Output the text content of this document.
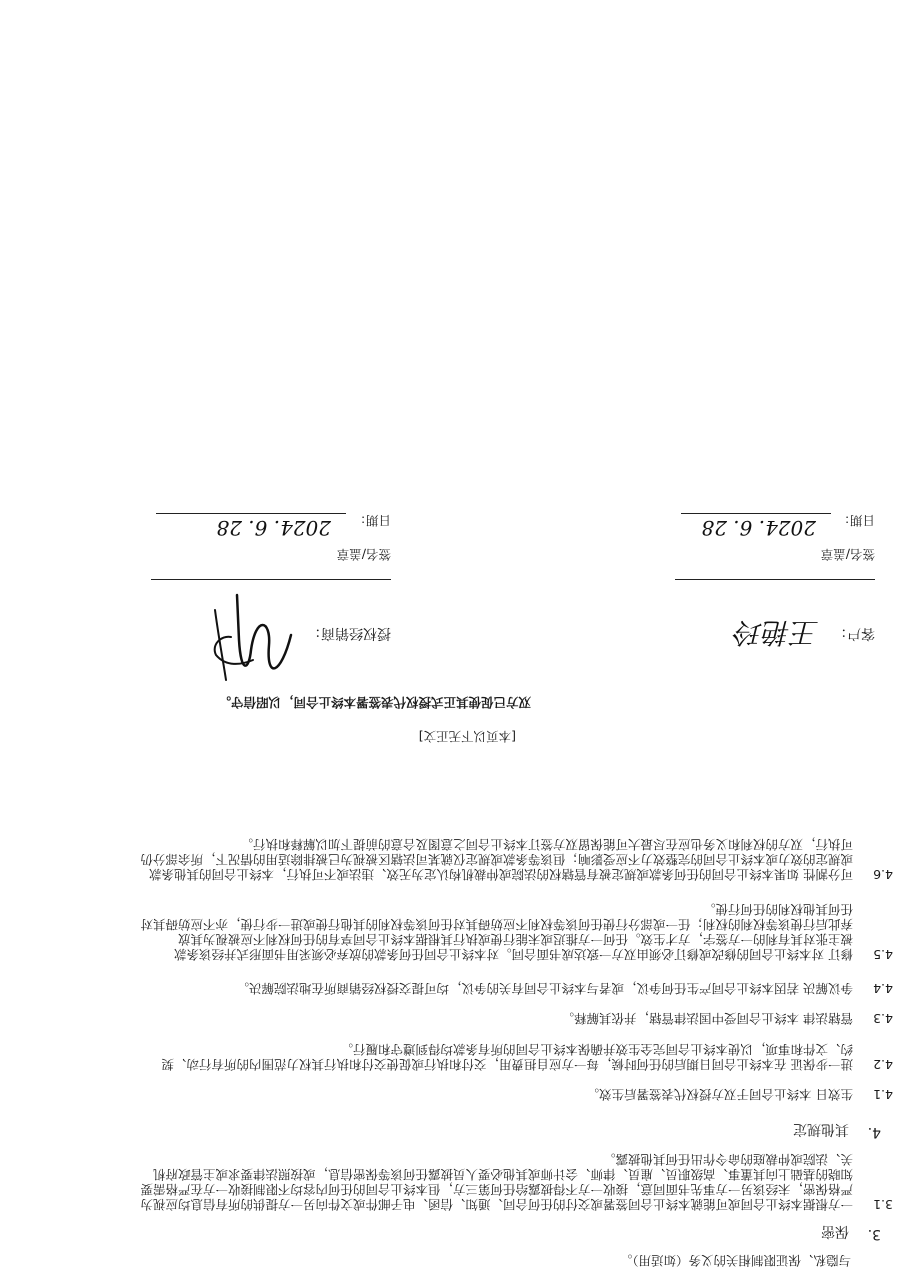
与隐私、保证限制相关的义务（如适用）。
3.
保密
3.1
一方根据本终止合同或可能就本终止合同签署或交付的任何合同、通知、信函、电子邮件或文件向另一方提供的所有信息均应视为
严格保密，未经该另一方事先书面同意，接收一方不得披露给任何第三方，但本终止合同的任何内容均不限制接收一方在严格需要
知晓的基础上向其董事、高级职员、雇员、律师、会计师或其他必要人员披露任何该等保密信息，或按照法律要求或主管政府机
关、法院或仲裁庭的命令作出任何其他披露。
4.
其他规定
4.1
生效日 本终止合同于双方授权代表签署后生效。
4.2
进一步保证 在本终止合同日期后的任何时候，每一方应自担费用，交付和执行或促使交付和执行其权力范围内的所有行动、契
约、文件和事项，以使本终止合同完全生效并确保本终止合同的所有条款均得到遵守和履行。
4.3
管辖法律 本终止合同受中国法律管辖，并依其解释。
4.4
争议解决 若因本终止合同产生任何争议，或者与本终止合同有关的争议，均可提交授权经销商所在地法院解决。
4.5
修订 对本终止合同的修改或修订必须由双方一致达成书面合同。对本终止合同任何条款的放弃必须采用书面形式并经该条款
被主张对其有利的一方签字，方才生效。任何一方推迟或未能行使或执行其根据本终止合同享有的任何权利不应被视为其放
弃此后行使该等权利的权利；任一或部分行使任何该等权利不应妨碍其对任何该等权利的其他行使或进一步行使，亦不应妨碍其对
任何其他权利的任何行使。
4.6
可分割性 如果本终止合同的任何条款或规定被有管辖权的法院或仲裁机构认定为无效、违法或不可执行，本终止合同的其他条款
或规定的效力或本终止合同的完整效力不应受影响；但该等条款或规定仅就某司法辖区被视为已被排除适用的情况下，所余部分仍
可执行，双方的权利和义务也应在尽最大可能保留双方签订本终止合同之意图及合意的前提下加以解释和执行。
[本页以下无正文]
双方已促使其正式授权代表签署本终止合同，以昭信守。
客户：
王艳玲
签名/盖章
日期：
2024. 6. 28
授权经销商：
签名/盖章
日期：
2024. 6. 28
